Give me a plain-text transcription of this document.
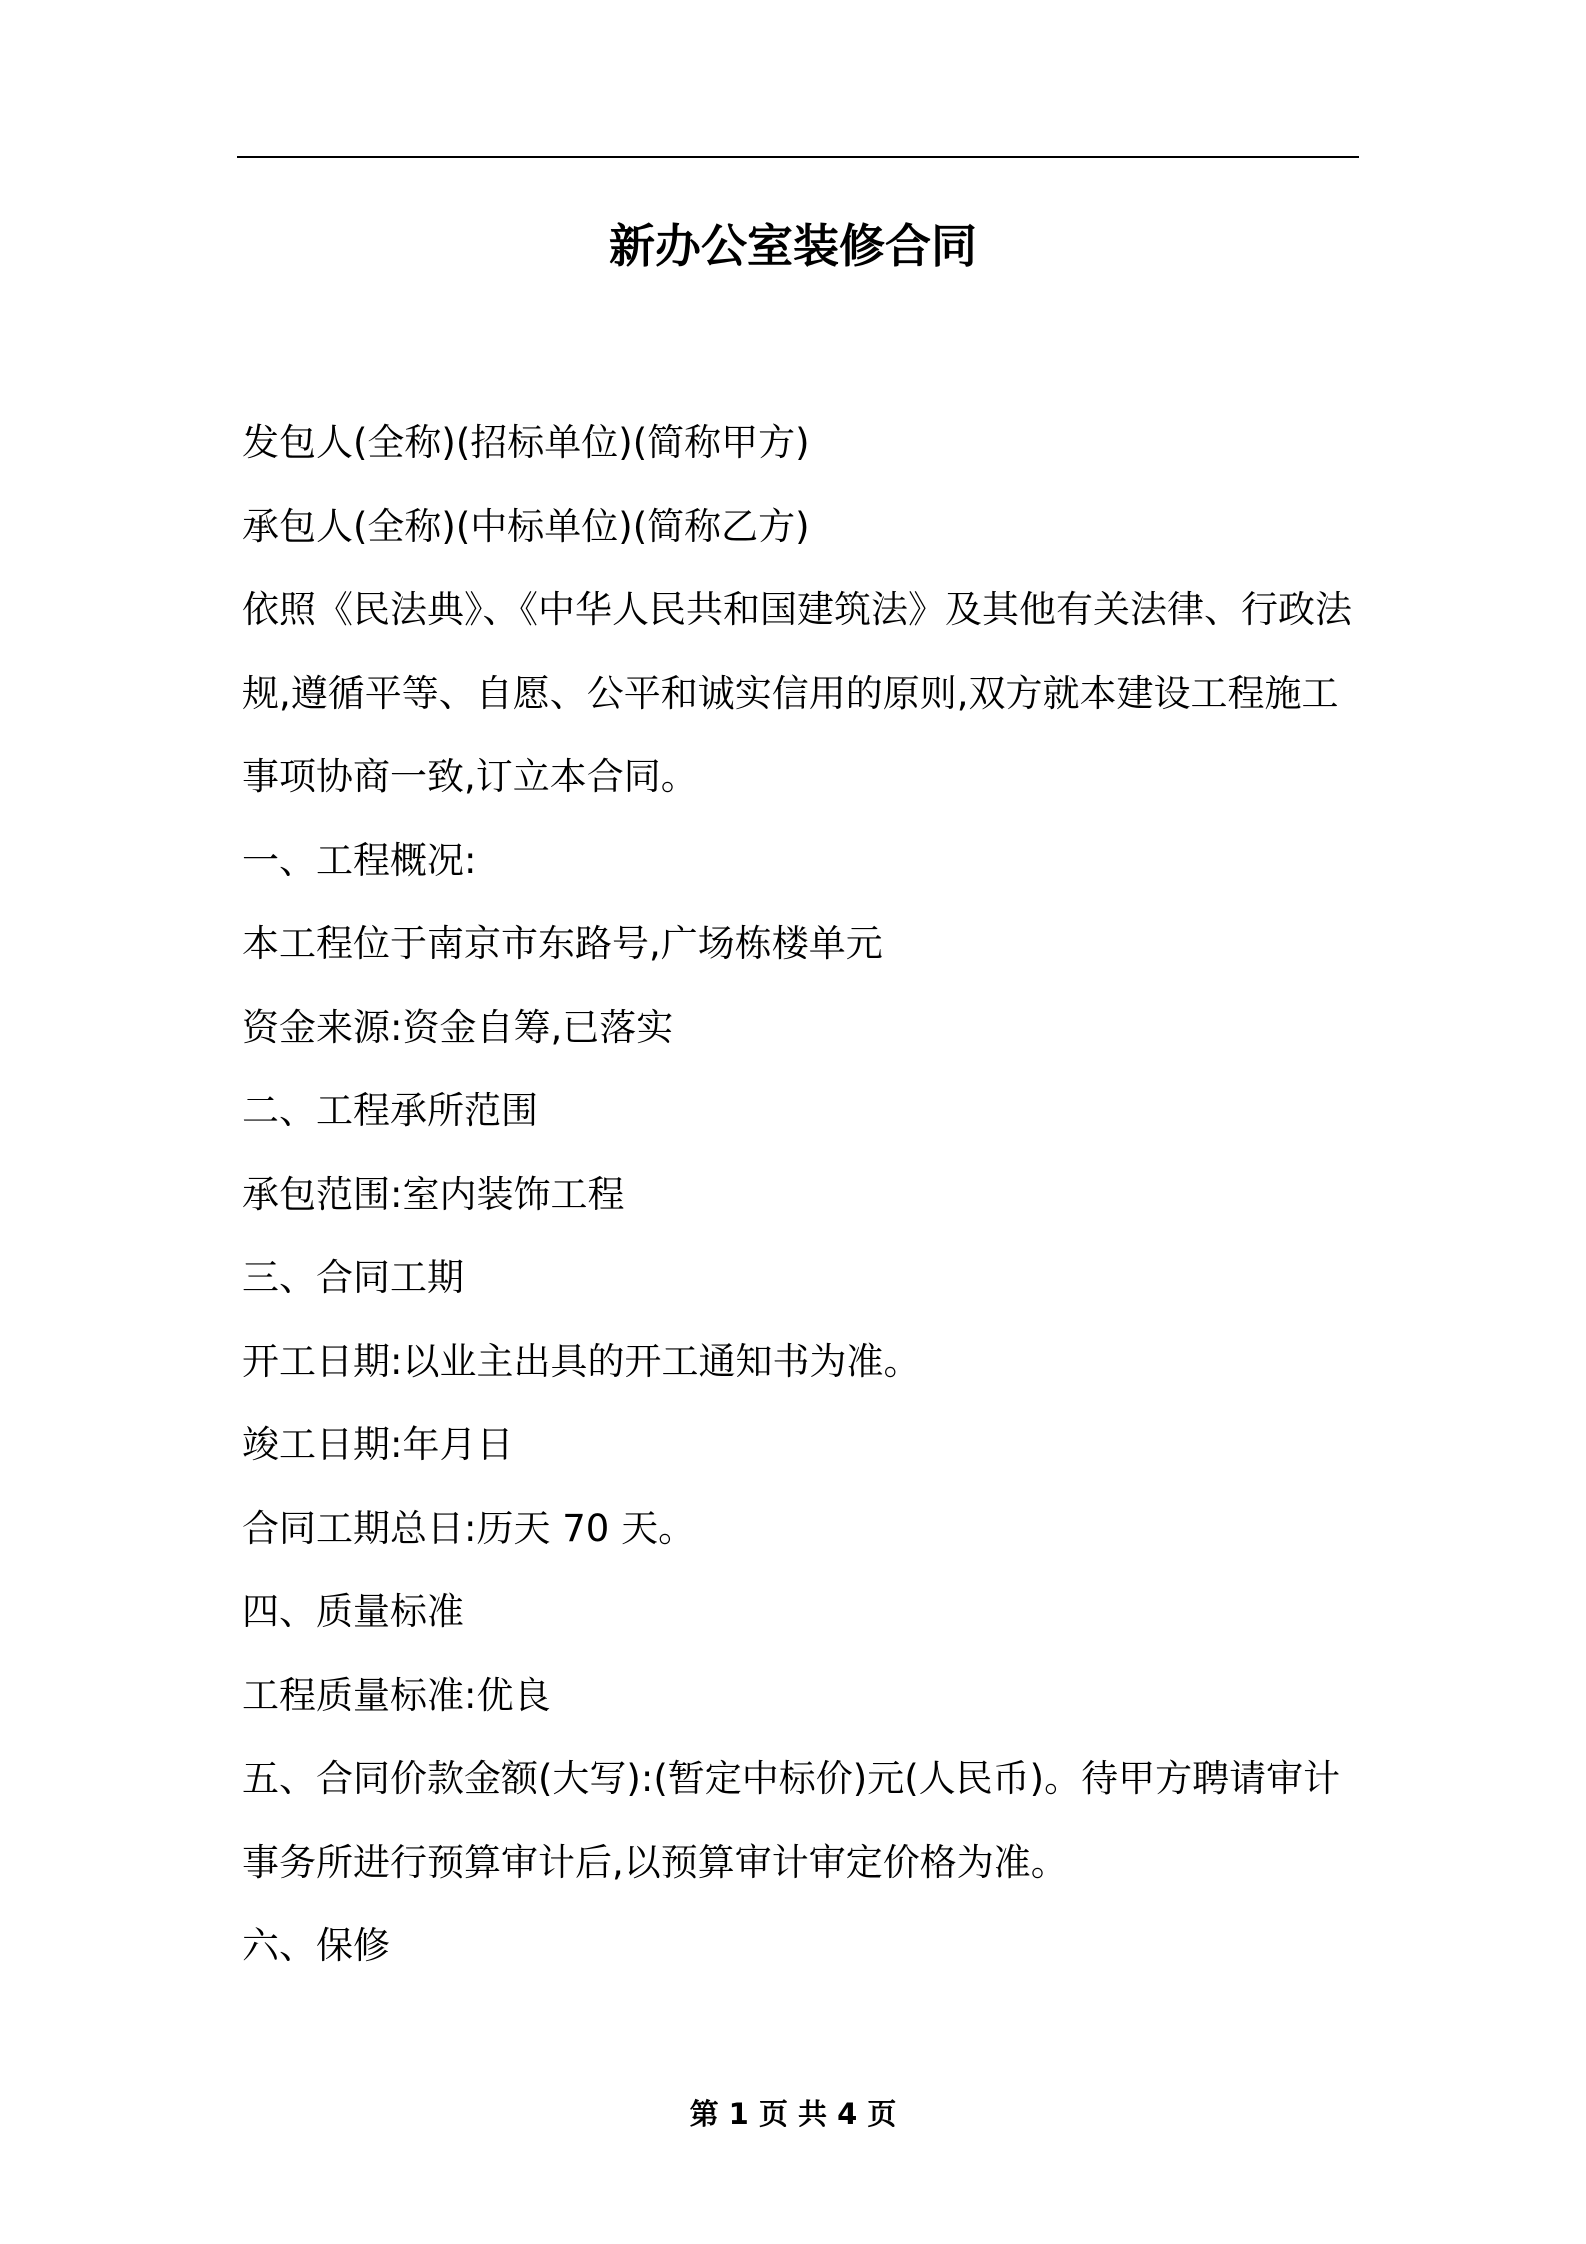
新办公室装修合同

发包人(全称)(招标单位)(简称甲方)

承包人(全称)(中标单位)(简称乙方)

依照《民法典》、《中华人民共和国建筑法》及其他有关法律、行政法

规,遵循平等、自愿、公平和诚实信用的原则,双方就本建设工程施工

事项协商一致,订立本合同。

一、工程概况:

本工程位于南京市东路号,广场栋楼单元

资金来源:资金自筹,已落实

二、工程承所范围

承包范围:室内装饰工程

三、合同工期

开工日期:以业主出具的开工通知书为准。

竣工日期:年月日

合同工期总日:历天 70 天。

四、质量标准

工程质量标准:优良

五、合同价款金额(大写):(暂定中标价)元(人民币)。待甲方聘请审计

事务所进行预算审计后,以预算审计审定价格为准。

六、保修

第 1 页 共 4 页
